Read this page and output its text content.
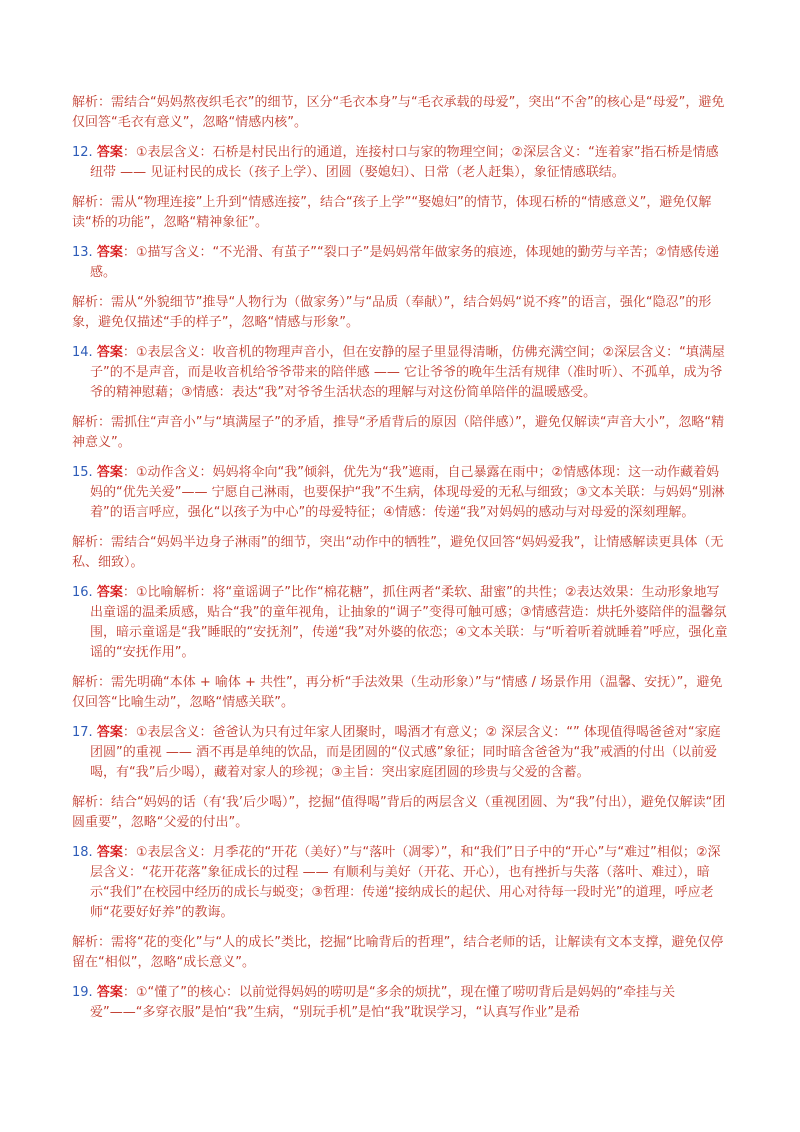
解析：需结合“妈妈熬夜织毛衣”的细节，区分“毛衣本身”与“毛衣承载的母爱”，突出“不舍”的核心是“母爱”，避免仅回答“毛衣有意义”，忽略“情感内核”。
12. 答案：①表层含义：石桥是村民出行的通道，连接村口与家的物理空间；②深层含义：“连着家”指石桥是情感纽带 —— 见证村民的成长（孩子上学）、团圆（娶媳妇）、日常（老人赶集），象征情感联结。
解析：需从“物理连接”上升到“情感连接”，结合“孩子上学”“娶媳妇”的情节，体现石桥的“情感意义”，避免仅解读“桥的功能”，忽略“精神象征”。
13. 答案：①描写含义：“不光滑、有茧子”“裂口子”是妈妈常年做家务的痕迹，体现她的勤劳与辛苦；②情感传递感。
解析：需从“外貌细节”推导“人物行为（做家务）”与“品质（奉献）”，结合妈妈“说不疼”的语言，强化“隐忍”的形象，避免仅描述“手的样子”，忽略“情感与形象”。
14. 答案：①表层含义：收音机的物理声音小，但在安静的屋子里显得清晰，仿佛充满空间；②深层含义：“填满屋子”的不是声音，而是收音机给爷爷带来的陪伴感 —— 它让爷爷的晚年生活有规律（准时听）、不孤单，成为爷爷的精神慰藉；③情感：表达“我”对爷爷生活状态的理解与对这份简单陪伴的温暖感受。
解析：需抓住“声音小”与“填满屋子”的矛盾，推导“矛盾背后的原因（陪伴感）”，避免仅解读“声音大小”，忽略“精神意义”。
15. 答案：①动作含义：妈妈将伞向“我”倾斜，优先为“我”遮雨，自己暴露在雨中；②情感体现：这一动作藏着妈妈的“优先关爱”—— 宁愿自己淋雨，也要保护“我”不生病，体现母爱的无私与细致；③文本关联：与妈妈“别淋着”的语言呼应，强化“以孩子为中心”的母爱特征；④情感：传递“我”对妈妈的感动与对母爱的深刻理解。
解析：需结合“妈妈半边身子淋雨”的细节，突出“动作中的牺牲”，避免仅回答“妈妈爱我”，让情感解读更具体（无私、细致）。
16. 答案：①比喻解析：将“童谣调子”比作“棉花糖”，抓住两者“柔软、甜蜜”的共性；②表达效果：生动形象地写出童谣的温柔质感，贴合“我”的童年视角，让抽象的“调子”变得可触可感；③情感营造：烘托外婆陪伴的温馨氛围，暗示童谣是“我”睡眠的“安抚剂”，传递“我”对外婆的依恋；④文本关联：与“听着听着就睡着”呼应，强化童谣的“安抚作用”。
解析：需先明确“本体 + 喻体 + 共性”，再分析“手法效果（生动形象）”与“情感 / 场景作用（温馨、安抚）”，避免仅回答“比喻生动”，忽略“情感关联”。
17. 答案：①表层含义：爸爸认为只有过年家人团聚时，喝酒才有意义；② 深层含义：“” 体现值得喝爸爸对“家庭团圆”的重视 —— 酒不再是单纯的饮品，而是团圆的“仪式感”象征；同时暗含爸爸为“我”戒酒的付出（以前爱喝，有“我”后少喝），藏着对家人的珍视；③主旨：突出家庭团圆的珍贵与父爱的含蓄。
解析：结合“妈妈的话（有‘我’后少喝）”，挖掘“值得喝”背后的两层含义（重视团圆、为“我”付出），避免仅解读“团圆重要”，忽略“父爱的付出”。
18. 答案：①表层含义：月季花的“开花（美好）”与“落叶（凋零）”，和“我们”日子中的“开心”与“难过”相似；②深层含义：“花开花落”象征成长的过程 —— 有顺利与美好（开花、开心），也有挫折与失落（落叶、难过），暗示“我们”在校园中经历的成长与蜕变；③哲理：传递“接纳成长的起伏、用心对待每一段时光”的道理，呼应老师“花要好好养”的教诲。
解析：需将“花的变化”与“人的成长”类比，挖掘“比喻背后的哲理”，结合老师的话，让解读有文本支撑，避免仅停留在“相似”，忽略“成长意义”。
19. 答案：①“懂了”的核心：以前觉得妈妈的唠叨是“多余的烦扰”，现在懂了唠叨背后是妈妈的“牵挂与关爱”——“多穿衣服”是怕“我”生病，“别玩手机”是怕“我”耽误学习，“认真写作业”是希
